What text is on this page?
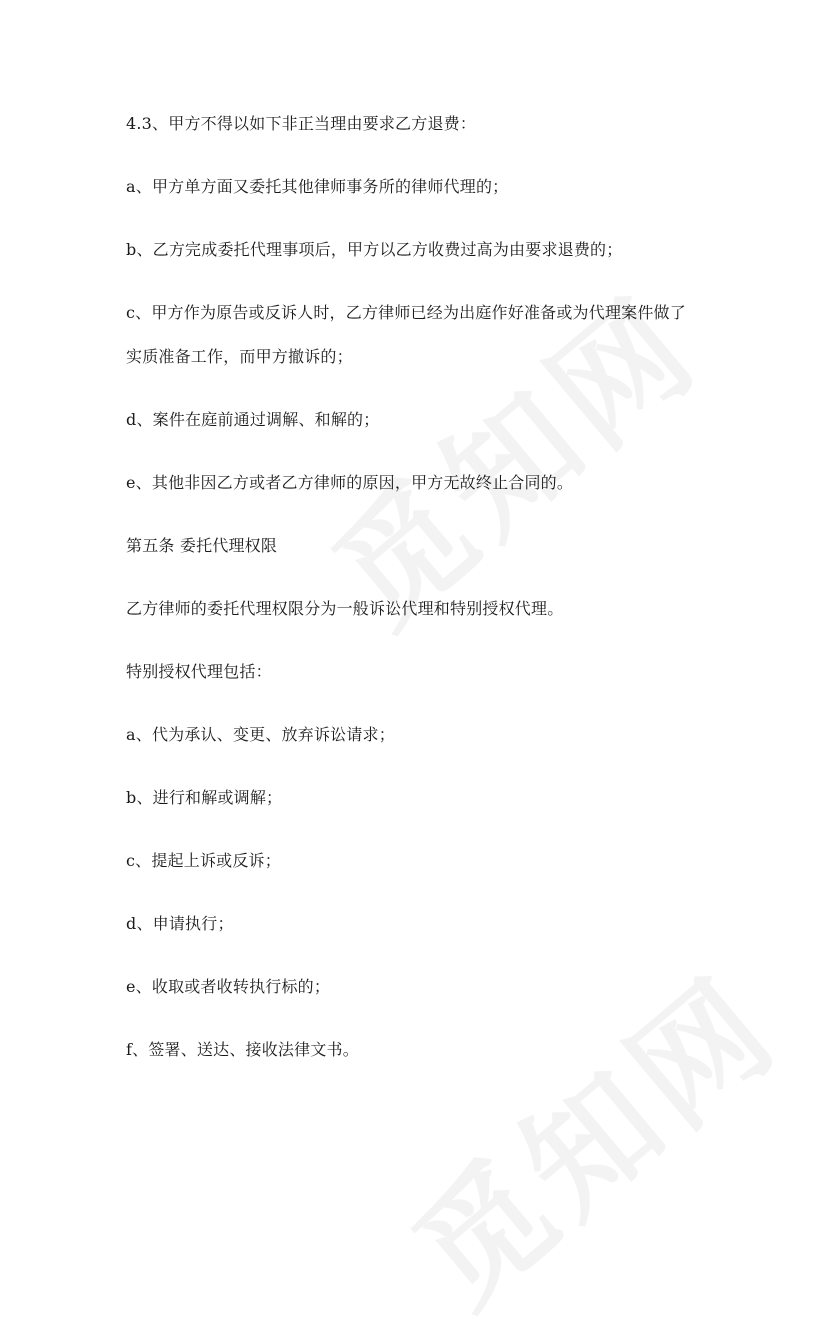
4.3、甲方不得以如下非正当理由要求乙方退费：
a、甲方单方面又委托其他律师事务所的律师代理的；
b、乙方完成委托代理事项后，甲方以乙方收费过高为由要求退费的；
c、甲方作为原告或反诉人时，乙方律师已经为出庭作好准备或为代理案件做了
实质准备工作，而甲方撤诉的；
d、案件在庭前通过调解、和解的；
e、其他非因乙方或者乙方律师的原因，甲方无故终止合同的。
第五条 委托代理权限
乙方律师的委托代理权限分为一般诉讼代理和特别授权代理。
特别授权代理包括：
a、代为承认、变更、放弃诉讼请求；
b、进行和解或调解；
c、提起上诉或反诉；
d、申请执行；
e、收取或者收转执行标的；
f、签署、送达、接收法律文书。
